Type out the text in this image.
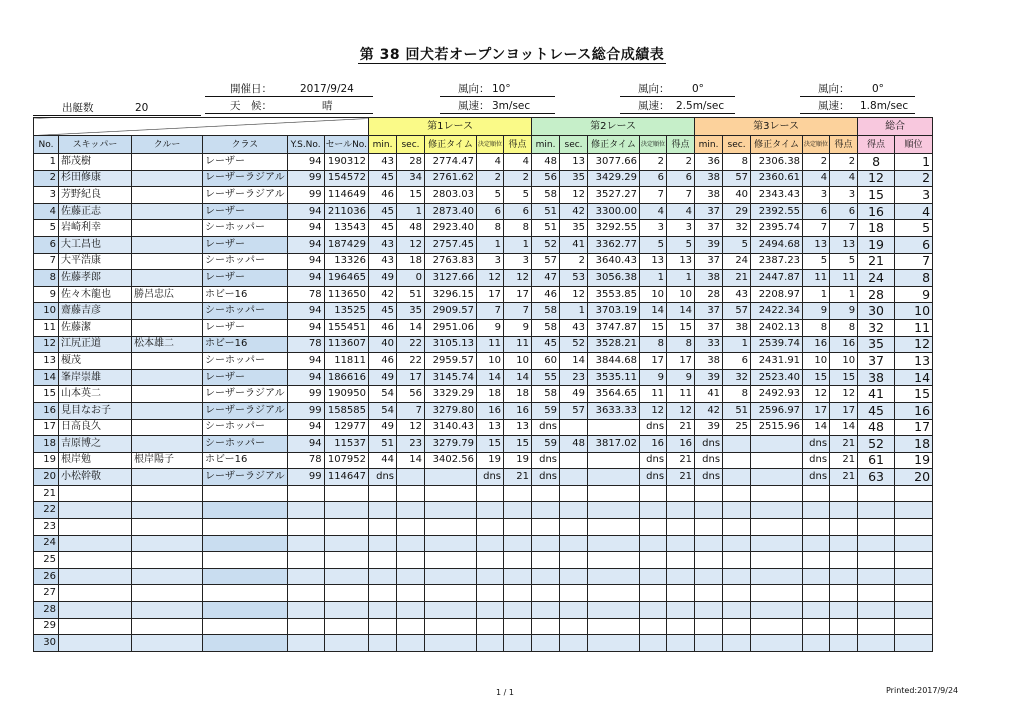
第 38 回犬若オープンヨットレース総合成績表
開催日：	2017/9/24
天　候：	晴
出艇数	20
風向： 10°
風速： 3m/sec
風向： 0°
風速： 2.5m/sec
風向： 0°
風速： 1.8m/sec
						第1レース					第2レース					第3レース					総合	
No.	スキッパー	クルー	クラス	Y.S.No.	セールNo.	min.	sec.	修正タイム	決定順位	得点	min.	sec.	修正タイム	決定順位	得点	min.	sec.	修正タイム	決定順位	得点	得点	順位
1	都茂樹		レーザー	94	190312	43	28	2774.47	4	4	48	13	3077.66	2	2	36	8	2306.38	2	2	8	1
2	杉田修康		レーザーラジアル	99	154572	45	34	2761.62	2	2	56	35	3429.29	6	6	38	57	2360.61	4	4	12	2
3	芳野紀良		レーザーラジアル	99	114649	46	15	2803.03	5	5	58	12	3527.27	7	7	38	40	2343.43	3	3	15	3
4	佐藤正志		レーザー	94	211036	45	1	2873.40	6	6	51	42	3300.00	4	4	37	29	2392.55	6	6	16	4
5	岩崎利幸		シーホッパー	94	13543	45	48	2923.40	8	8	51	35	3292.55	3	3	37	32	2395.74	7	7	18	5
6	大工昌也		レーザー	94	187429	43	12	2757.45	1	1	52	41	3362.77	5	5	39	5	2494.68	13	13	19	6
7	大平浩康		シーホッパー	94	13326	43	18	2763.83	3	3	57	2	3640.43	13	13	37	24	2387.23	5	5	21	7
8	佐藤孝郎		レーザー	94	196465	49	0	3127.66	12	12	47	53	3056.38	1	1	38	21	2447.87	11	11	24	8
9	佐々木龍也	勝呂忠広	ホビー16	78	113650	42	51	3296.15	17	17	46	12	3553.85	10	10	28	43	2208.97	1	1	28	9
10	齋藤吉彦		シーホッパー	94	13525	45	35	2909.57	7	7	58	1	3703.19	14	14	37	57	2422.34	9	9	30	10
11	佐藤潔		レーザー	94	155451	46	14	2951.06	9	9	58	43	3747.87	15	15	37	38	2402.13	8	8	32	11
12	江尻正道	松本雄二	ホビー16	78	113607	40	22	3105.13	11	11	45	52	3528.21	8	8	33	1	2539.74	16	16	35	12
13	榎茂		シーホッパー	94	11811	46	22	2959.57	10	10	60	14	3844.68	17	17	38	6	2431.91	10	10	37	13
14	峯岸崇雄		レーザー	94	186616	49	17	3145.74	14	14	55	23	3535.11	9	9	39	32	2523.40	15	15	38	14
15	山本英二		レーザーラジアル	99	190950	54	56	3329.29	18	18	58	49	3564.65	11	11	41	8	2492.93	12	12	41	15
16	見目なお子		レーザーラジアル	99	158585	54	7	3279.80	16	16	59	57	3633.33	12	12	42	51	2596.97	17	17	45	16
17	日高良久		シーホッパー	94	12977	49	12	3140.43	13	13	dns			dns	21	39	25	2515.96	14	14	48	17
18	吉原博之		シーホッパー	94	11537	51	23	3279.79	15	15	59	48	3817.02	16	16	dns			dns	21	52	18
19	根岸勉	根岸陽子	ホビー16	78	107952	44	14	3402.56	19	19	dns			dns	21	dns			dns	21	61	19
20	小松幹敬		レーザーラジアル	99	114647	dns			dns	21	dns			dns	21	dns			dns	21	63	20
21																						
22																						
23																						
24																						
25																						
26																						
27																						
28																						
29																						
30																						
1 / 1	Printed:2017/9/24
